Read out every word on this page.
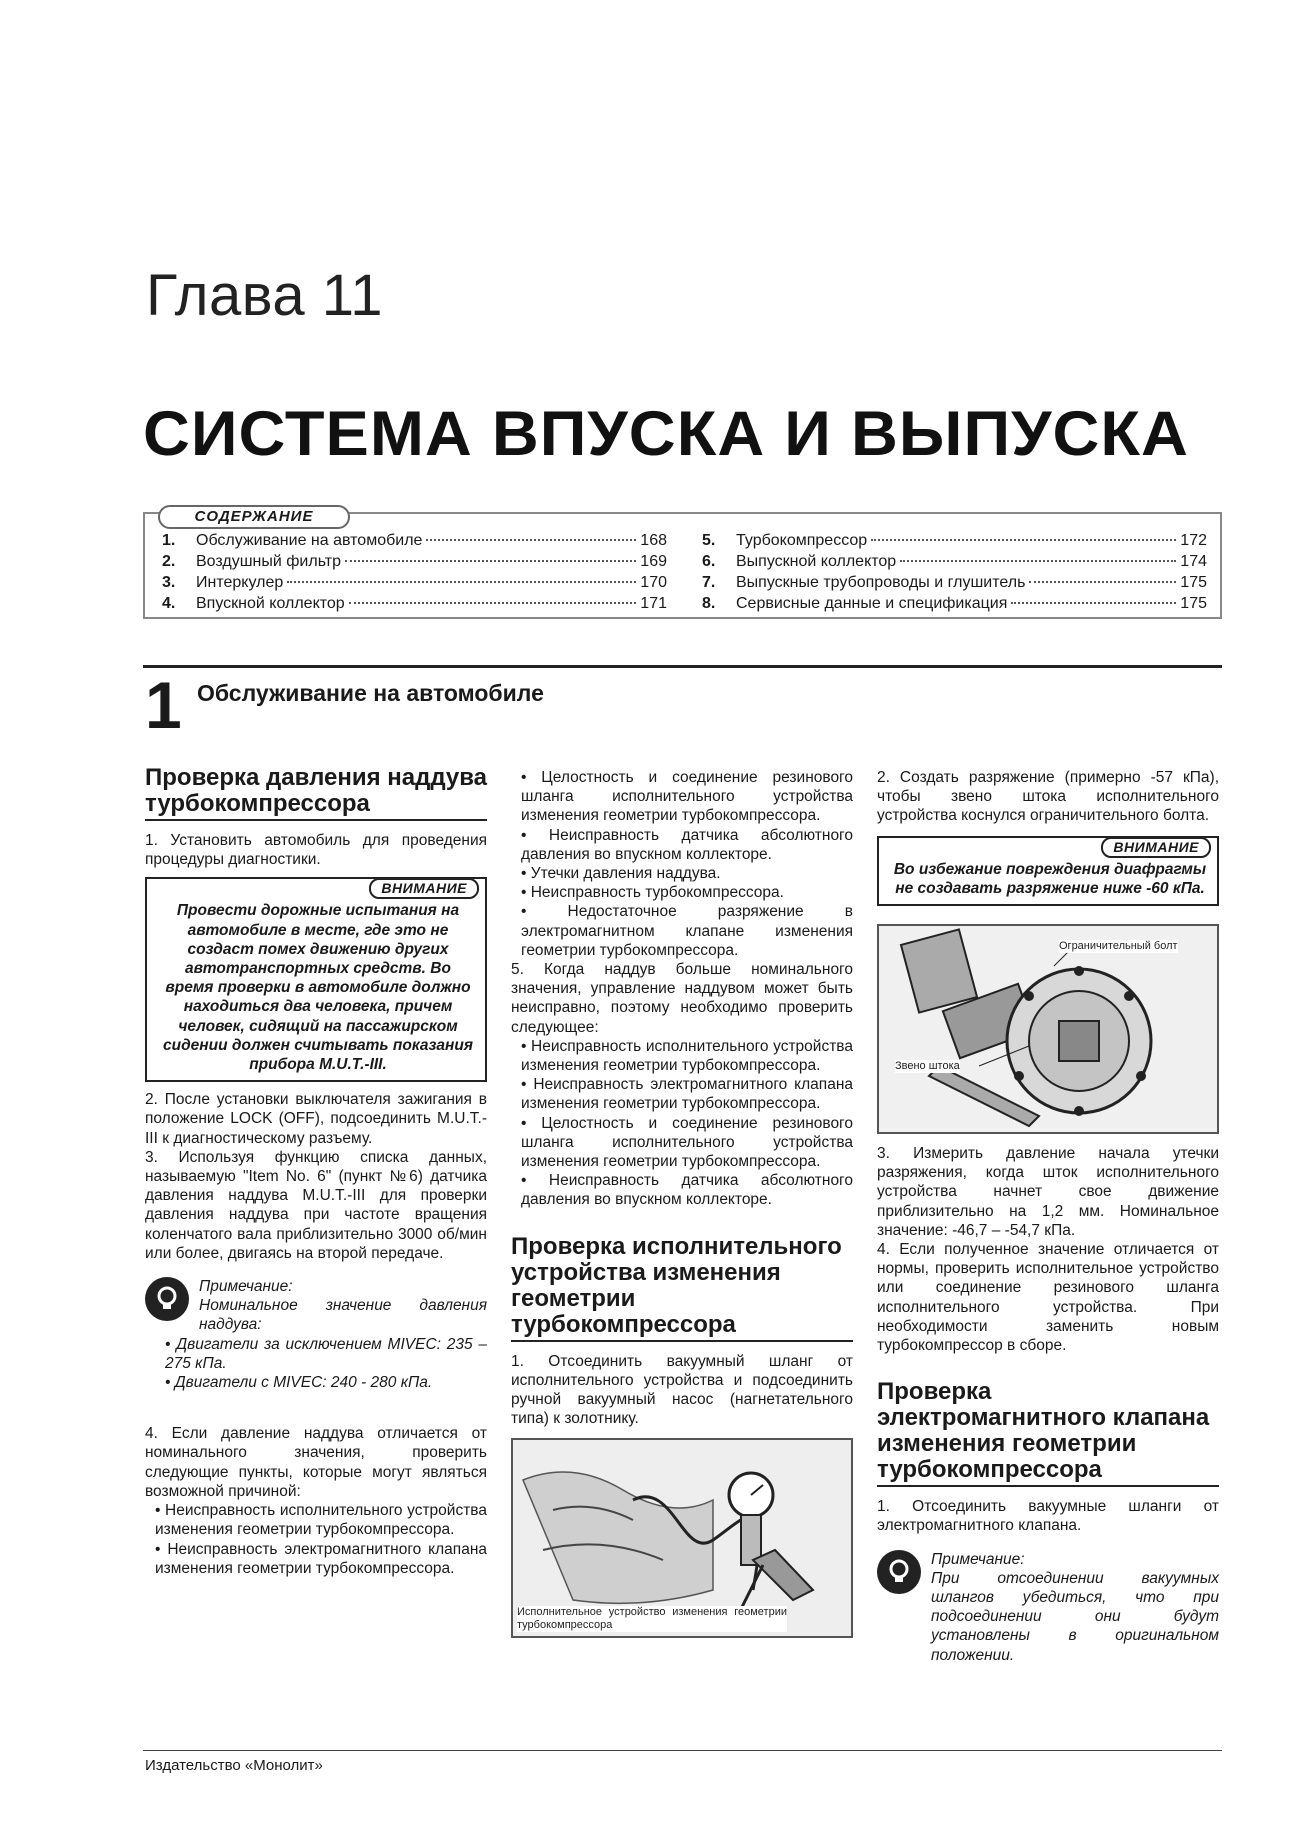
Глава 11
СИСТЕМА ВПУСКА И ВЫПУСКА
СОДЕРЖАНИЕ
1.	Обслуживание на автомобиле	168
2.	Воздушный фильтр	169
3.	Интеркулер	170
4.	Впускной коллектор	171
5.	Турбокомпрессор	172
6.	Выпускной коллектор	174
7.	Выпускные трубопроводы и глушитель	175
8.	Сервисные данные и спецификация	175
1 Обслуживание на автомобиле
Проверка давления наддува турбокомпрессора

1. Установить автомобиль для проведения процедуры диагностики.

ВНИМАНИЕ
Провести дорожные испытания на автомобиле в месте, где это не создаст помех движению других автотранспортных средств. Во время проверки в автомобиле должно находиться два человека, причем человек, сидящий на пассажирском сидении должен считывать показания прибора M.U.T.-III.

2. После установки выключателя зажигания в положение LOCK (OFF), подсоединить M.U.T.-III к диагностическому разъему.

3. Используя функцию списка данных, называемую "Item No. 6" (пункт №6) датчика давления наддува M.U.T.-III для проверки давления наддува при частоте вращения коленчатого вала приблизительно 3000 об/мин или более, двигаясь на второй передаче.

Примечание:
Номинальное значение давления наддува:
• Двигатели за исключением MIVEC: 235 – 275 кПа.
• Двигатели с MIVEC: 240 - 280 кПа.

4. Если давление наддува отличается от номинального значения, проверить следующие пункты, которые могут являться возможной причиной:

• Неисправность исполнительного устройства изменения геометрии турбокомпрессора.

• Неисправность электромагнитного клапана изменения геометрии турбокомпрессора.

• Целостность и соединение резинового шланга исполнительного устройства изменения геометрии турбокомпрессора.

• Неисправность датчика абсолютного давления во впускном коллекторе.

• Утечки давления наддува.

• Неисправность турбокомпрессора.

• Недостаточное разряжение в электромагнитном клапане изменения геометрии турбокомпрессора.

5. Когда наддув больше номинального значения, управление наддувом может быть неисправно, поэтому необходимо проверить следующее:

• Неисправность исполнительного устройства изменения геометрии турбокомпрессора.

• Неисправность электромагнитного клапана изменения геометрии турбокомпрессора.

• Целостность и соединение резинового шланга исполнительного устройства изменения геометрии турбокомпрессора.

• Неисправность датчика абсолютного давления во впускном коллекторе.

Проверка исполнительного устройства изменения геометрии турбокомпрессора

1. Отсоединить вакуумный шланг от исполнительного устройства и подсоединить ручной вакуумный насос (нагнетательного типа) к золотнику.

Исполнительное устройство изменения геометрии турбокомпрессора

2. Создать разряжение (примерно -57 кПа), чтобы звено штока исполнительного устройства коснулся ограничительного болта.

ВНИМАНИЕ
Во избежание повреждения диафрагмы не создавать разряжение ниже -60 кПа.
Ограничительный болт
Звено штока

3. Измерить давление начала утечки разряжения, когда шток исполнительного устройства начнет свое движение приблизительно на 1,2 мм. Номинальное значение: -46,7 – -54,7 кПа.

4. Если полученное значение отличается от нормы, проверить исполнительное устройство или соединение резинового шланга исполнительного устройства. При необходимости заменить новым турбокомпрессор в сборе.

Проверка электромагнитного клапана изменения геометрии турбокомпрессора

1. Отсоединить вакуумные шланги от электромагнитного клапана.

Примечание:
При отсоединении вакуумных шлангов убедиться, что при подсоединении они будут установлены в оригинальном положении.
Издательство «Монолит»
